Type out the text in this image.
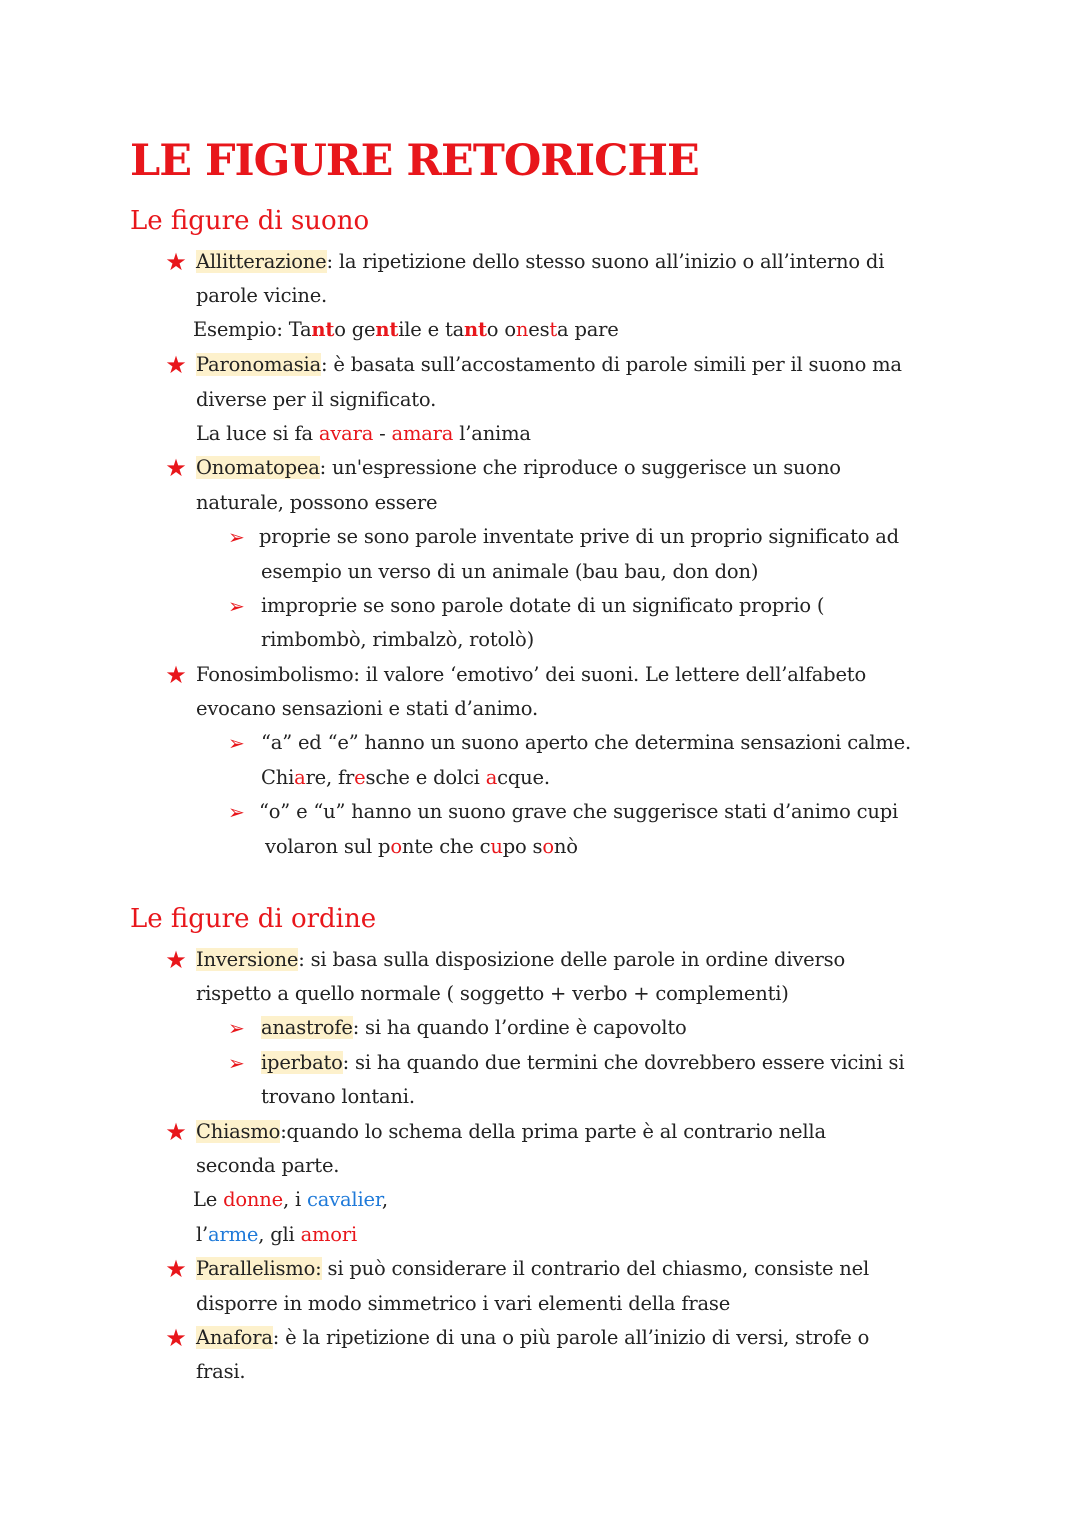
LE FIGURE RETORICHE
Le figure di suono
★ Allitterazione: la ripetizione dello stesso suono all’inizio o all’interno di
parole vicine.
Esempio: Tanto gentile e tanto onesta pare
★ Paronomasia: è basata sull’accostamento di parole simili per il suono ma
diverse per il significato.
La luce si fa avara - amara l’anima
★ Onomatopea: un'espressione che riproduce o suggerisce un suono
naturale, possono essere
➢ proprie se sono parole inventate prive di un proprio significato ad
esempio un verso di un animale (bau bau, don don)
➢ improprie se sono parole dotate di un significato proprio (
rimbombò, rimbalzò, rotolò)
★ Fonosimbolismo: il valore ‘emotivo’ dei suoni. Le lettere dell’alfabeto
evocano sensazioni e stati d’animo.
➢ “a” ed “e” hanno un suono aperto che determina sensazioni calme.
Chiare, fresche e dolci acque.
➢ “o” e “u” hanno un suono grave che suggerisce stati d’animo cupi
volaron sul ponte che cupo sonò
Le figure di ordine
★ Inversione: si basa sulla disposizione delle parole in ordine diverso
rispetto a quello normale ( soggetto + verbo + complementi)
➢ anastrofe: si ha quando l’ordine è capovolto
➢ iperbato: si ha quando due termini che dovrebbero essere vicini si
trovano lontani.
★ Chiasmo:quando lo schema della prima parte è al contrario nella
seconda parte.
Le donne, i cavalier,
l’arme, gli amori
★ Parallelismo: si può considerare il contrario del chiasmo, consiste nel
disporre in modo simmetrico i vari elementi della frase
★ Anafora: è la ripetizione di una o più parole all’inizio di versi, strofe o
frasi.
